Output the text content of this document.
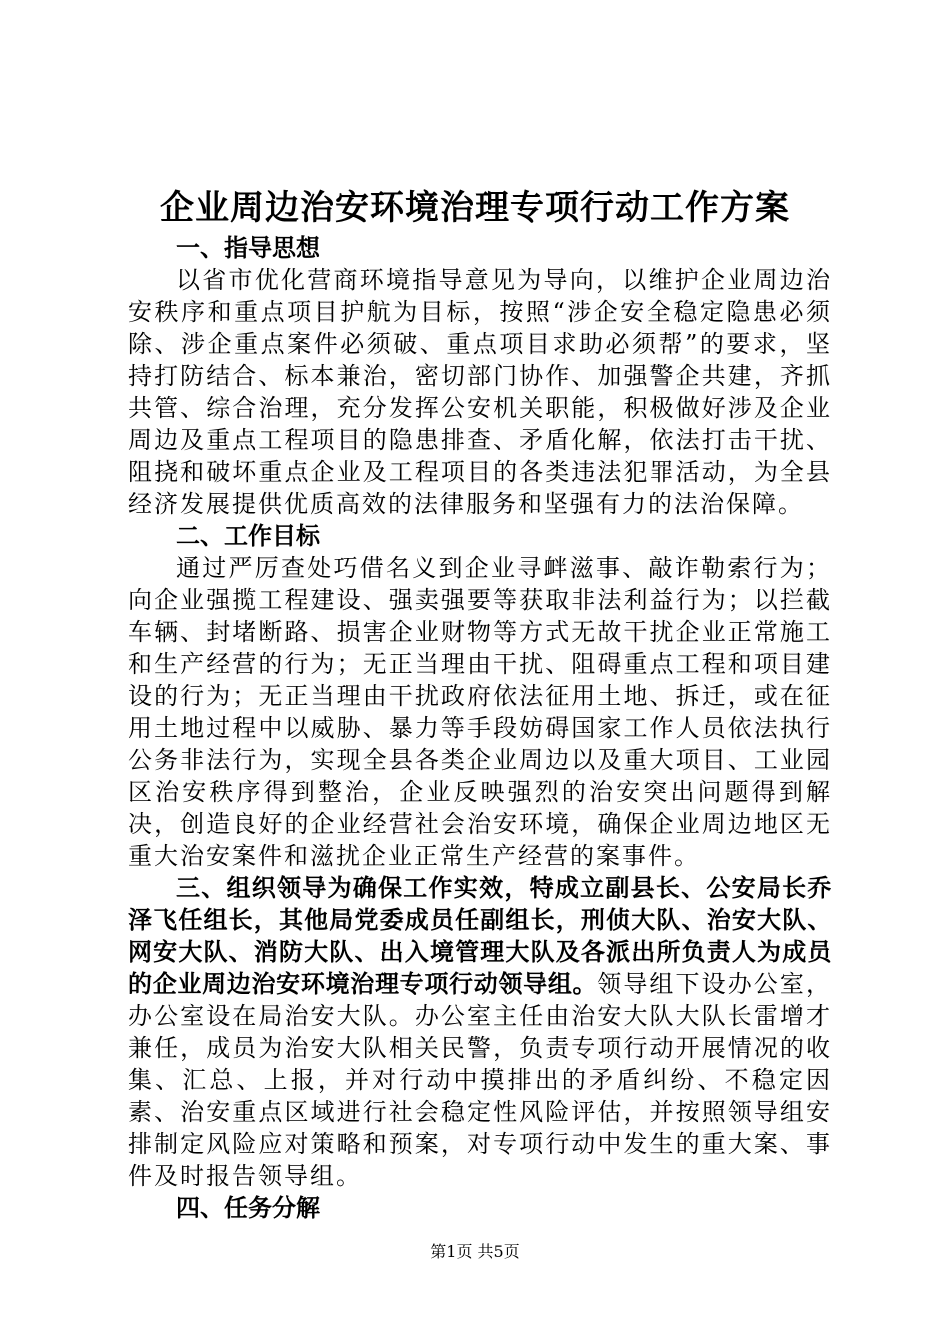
企业周边治安环境治理专项行动工作方案

一、指导思想

以省市优化营商环境指导意见为导向，以维护企业周边治安秩序和重点项目护航为目标，按照“涉企安全稳定隐患必须除、涉企重点案件必须破、重点项目求助必须帮”的要求，坚持打防结合、标本兼治，密切部门协作、加强警企共建，齐抓共管、综合治理，充分发挥公安机关职能，积极做好涉及企业周边及重点工程项目的隐患排查、矛盾化解，依法打击干扰、阻挠和破坏重点企业及工程项目的各类违法犯罪活动，为全县经济发展提供优质高效的法律服务和坚强有力的法治保障。

二、工作目标

通过严厉查处巧借名义到企业寻衅滋事、敲诈勒索行为；向企业强揽工程建设、强卖强要等获取非法利益行为；以拦截车辆、封堵断路、损害企业财物等方式无故干扰企业正常施工和生产经营的行为；无正当理由干扰、阻碍重点工程和项目建设的行为；无正当理由干扰政府依法征用土地、拆迁，或在征用土地过程中以威胁、暴力等手段妨碍国家工作人员依法执行公务非法行为，实现全县各类企业周边以及重大项目、工业园区治安秩序得到整治，企业反映强烈的治安突出问题得到解决，创造良好的企业经营社会治安环境，确保企业周边地区无重大治安案件和滋扰企业正常生产经营的案事件。

三、组织领导为确保工作实效，特成立副县长、公安局长乔泽飞任组长，其他局党委成员任副组长，刑侦大队、治安大队、网安大队、消防大队、出入境管理大队及各派出所负责人为成员的企业周边治安环境治理专项行动领导组。领导组下设办公室，办公室设在局治安大队。办公室主任由治安大队大队长雷增才兼任，成员为治安大队相关民警，负责专项行动开展情况的收集、汇总、上报，并对行动中摸排出的矛盾纠纷、不稳定因素、治安重点区域进行社会稳定性风险评估，并按照领导组安排制定风险应对策略和预案，对专项行动中发生的重大案、事件及时报告领导组。

四、任务分解

第1页 共5页
